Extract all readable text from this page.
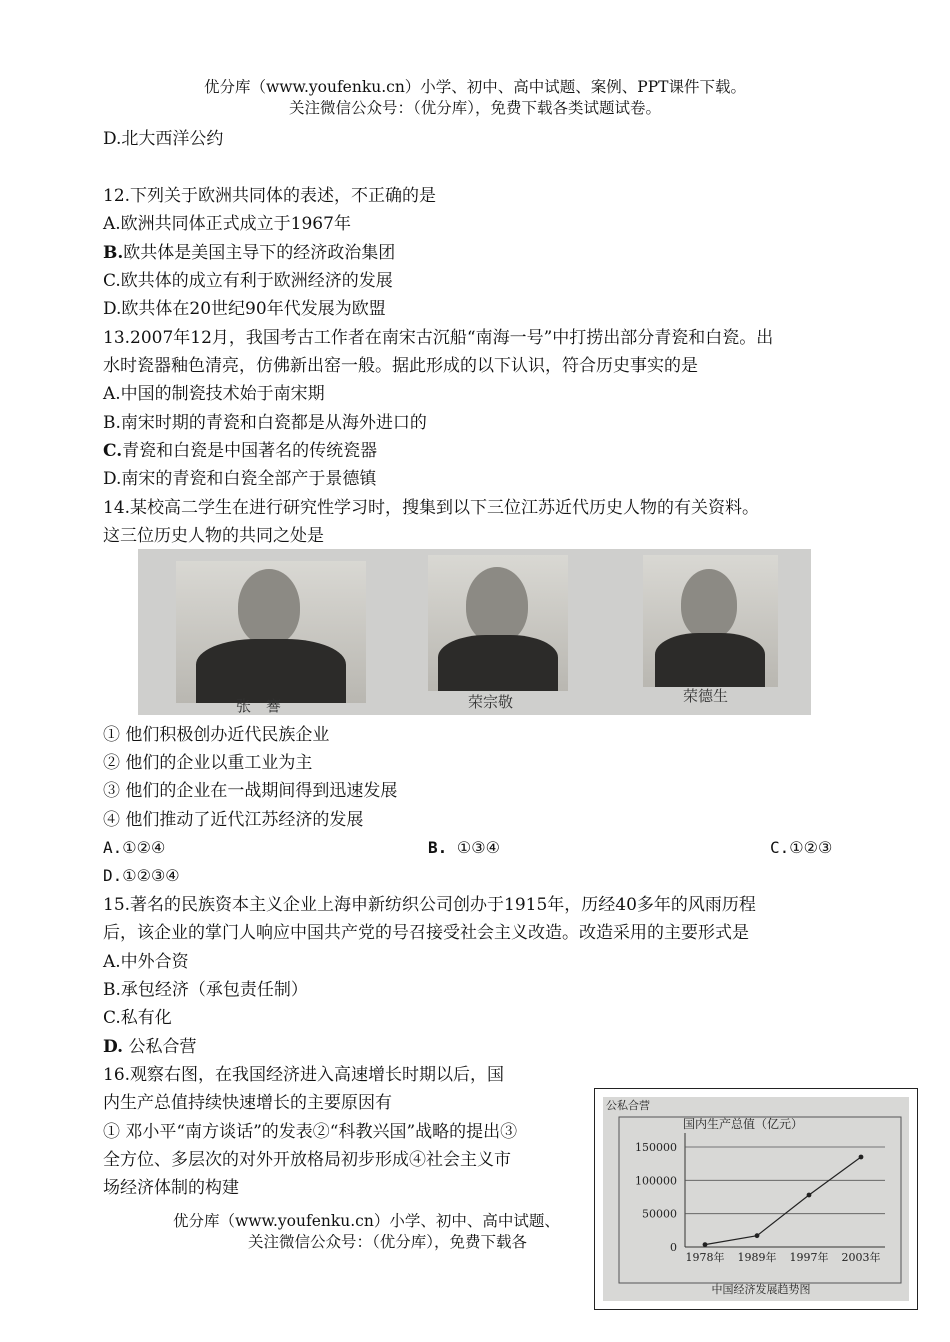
优分库（www.youfenku.cn）小学、初中、高中试题、案例、PPT课件下载。
关注微信公众号：（优分库），免费下载各类试题试卷。
D.北大西洋公约
12.下列关于欧洲共同体的表述，不正确的是
A.欧洲共同体正式成立于1967年
B.欧共体是美国主导下的经济政治集团
C.欧共体的成立有利于欧洲经济的发展
D.欧共体在20世纪90年代发展为欧盟
13.2007年12月，我国考古工作者在南宋古沉船“南海一号”中打捞出部分青瓷和白瓷。出
水时瓷器釉色清亮，仿佛新出窑一般。据此形成的以下认识，符合历史事实的是
A.中国的制瓷技术始于南宋期
B.南宋时期的青瓷和白瓷都是从海外进口的
C.青瓷和白瓷是中国著名的传统瓷器
D.南宋的青瓷和白瓷全部产于景德镇
14.某校高二学生在进行研究性学习时，搜集到以下三位江苏近代历史人物的有关资料。
这三位历史人物的共同之处是
张　謇	荣宗敬	荣德生
① 他们积极创办近代民族企业
② 他们的企业以重工业为主
③ 他们的企业在一战期间得到迅速发展
④ 他们推动了近代江苏经济的发展
A.①②④	B. ①③④	C.①②③
D.①②③④
15.著名的民族资本主义企业上海申新纺织公司创办于1915年，历经40多年的风雨历程
后，该企业的掌门人响应中国共产党的号召接受社会主义改造。改造采用的主要形式是
A.中外合资
B.承包经济（承包责任制）
C.私有化
D. 公私合营
16.观察右图，在我国经济进入高速增长时期以后，国
内生产总值持续快速增长的主要原因有
① 邓小平“南方谈话”的发表②“科教兴国”战略的提出③
全方位、多层次的对外开放格局初步形成④社会主义市
场经济体制的构建
优分库（www.youfenku.cn）小学、初中、高中试题、
关注微信公众号：（优分库），免费下载各
公私合营
国内生产总值（亿元）
中国经济发展趋势图
0
50000
100000
150000
1978年 1989年 1997年 2003年
